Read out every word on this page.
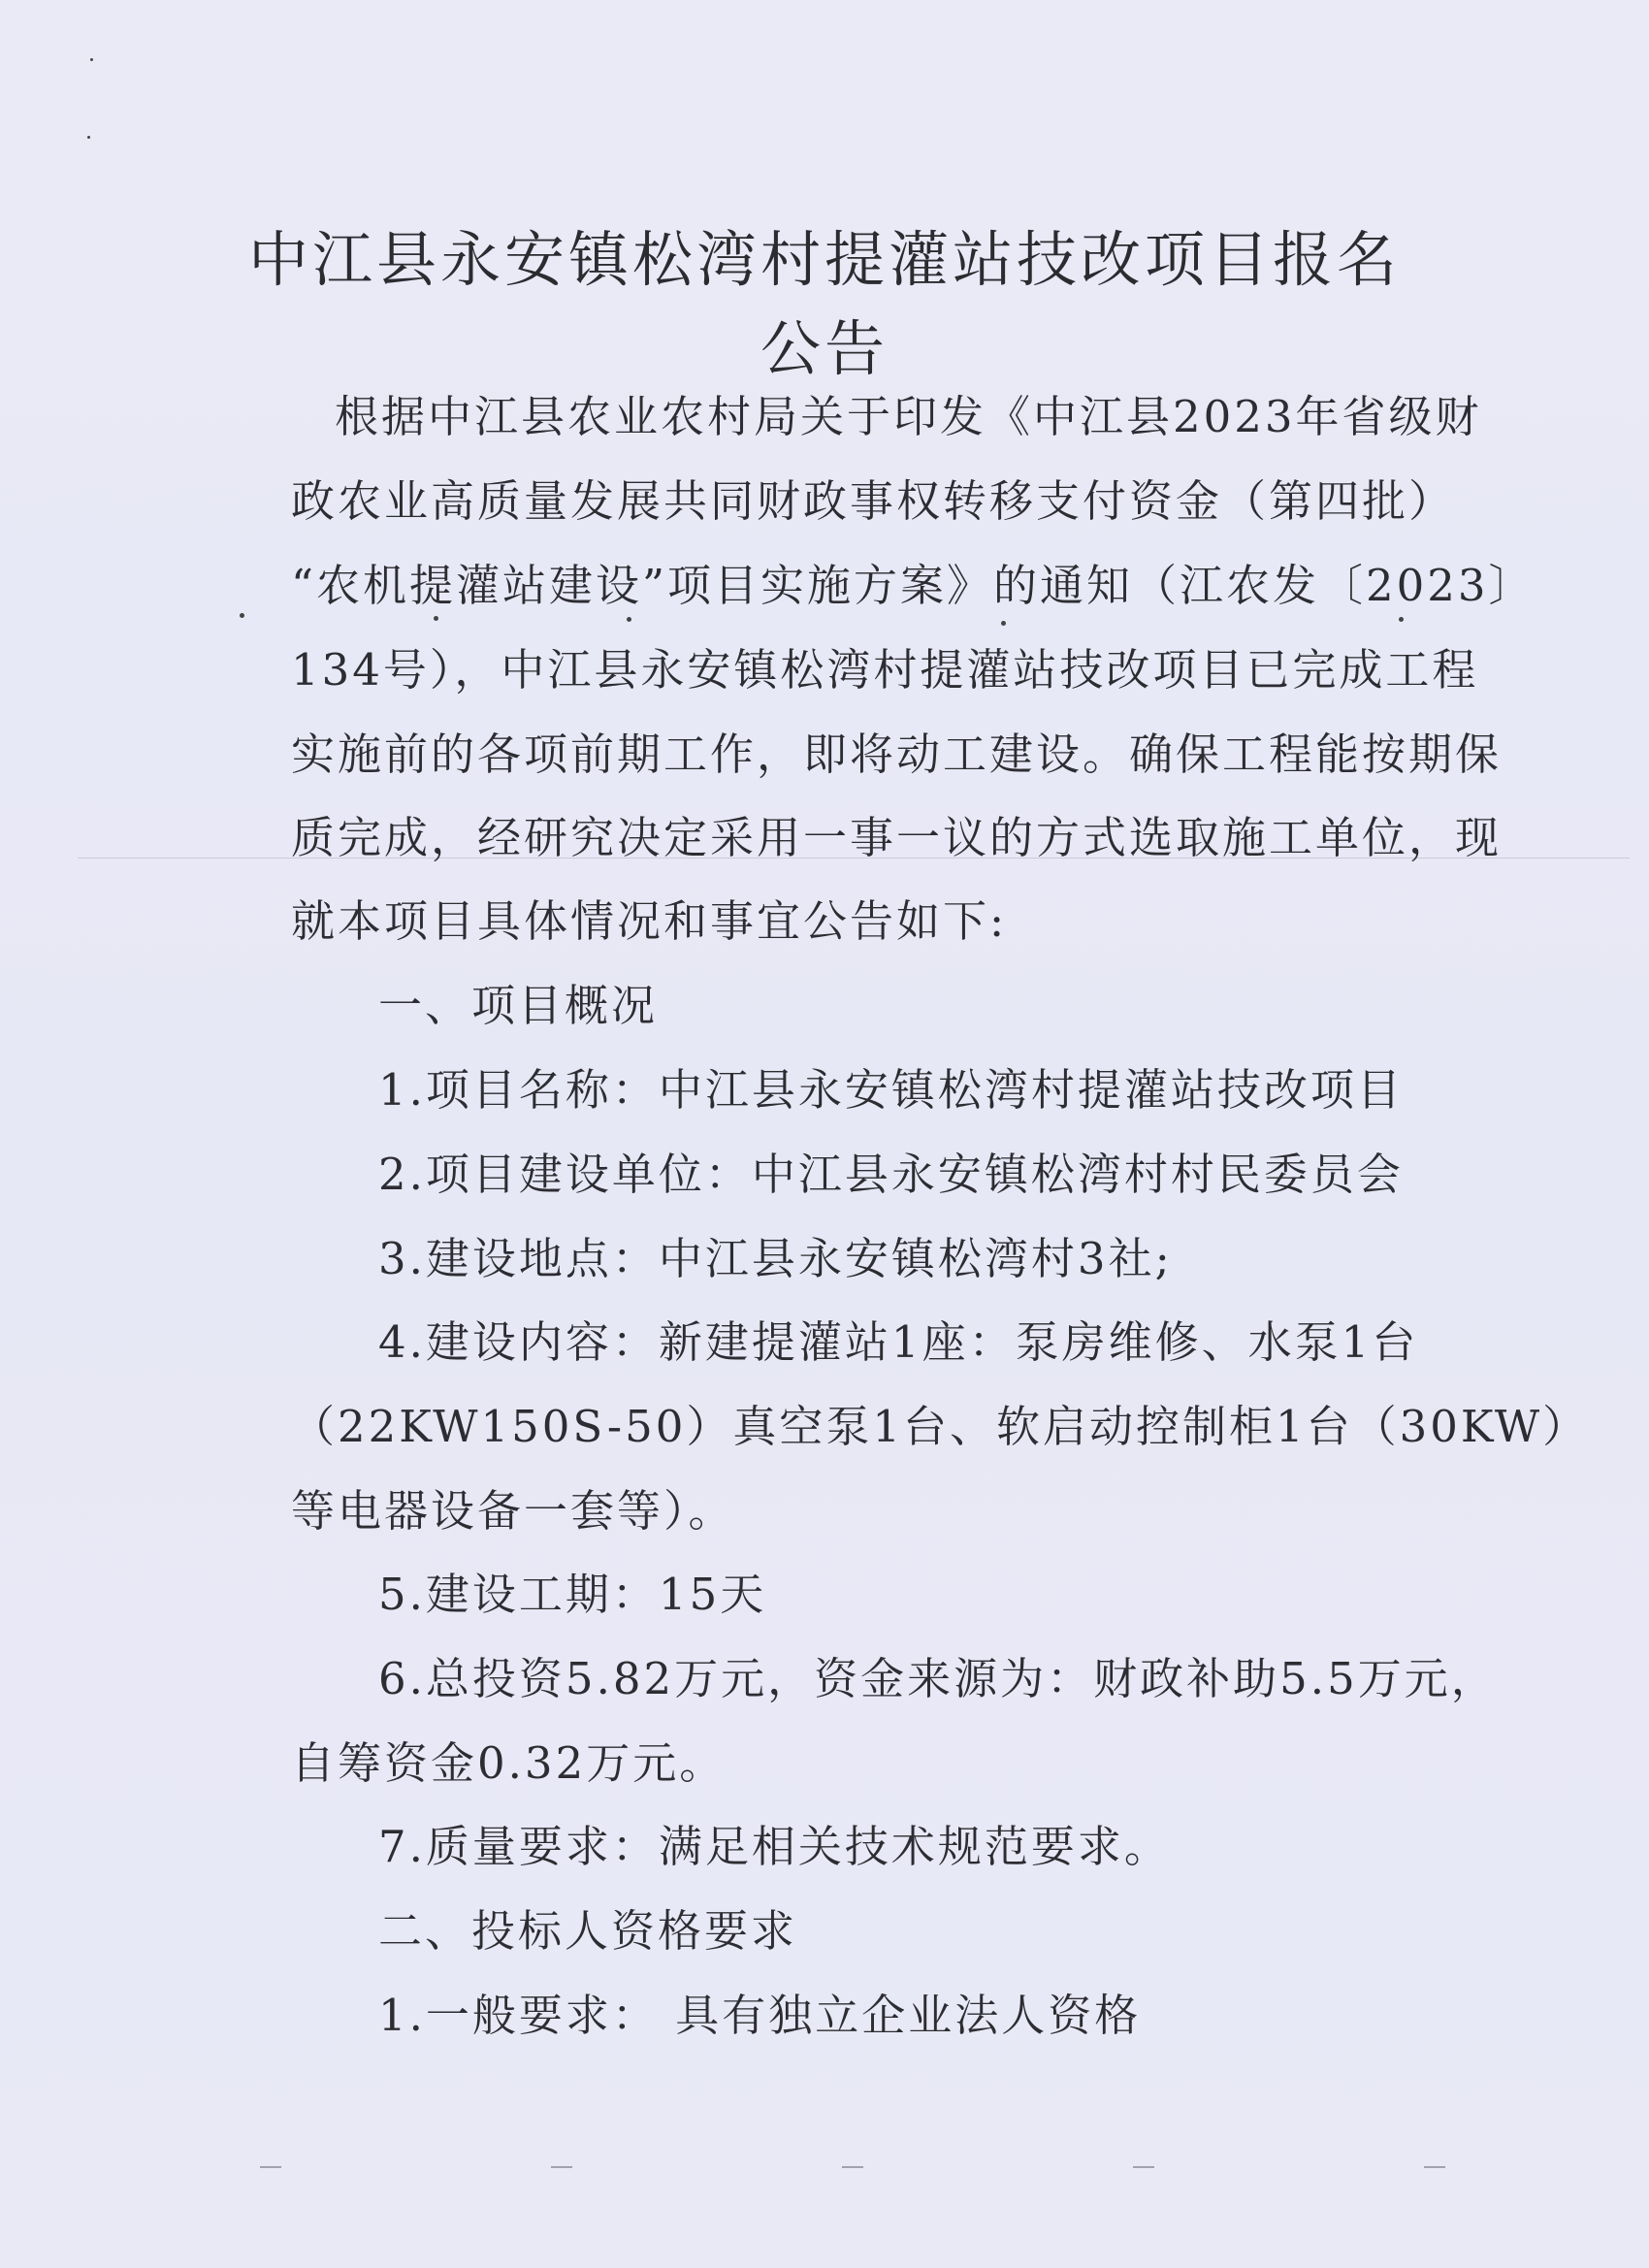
中江县永安镇松湾村提灌站技改项目报名
公告
根据中江县农业农村局关于印发《中江县2023年省级财
政农业高质量发展共同财政事权转移支付资金（第四批）
“农机提灌站建设”项目实施方案》的通知（江农发〔2023〕
134号），中江县永安镇松湾村提灌站技改项目已完成工程
实施前的各项前期工作，即将动工建设。确保工程能按期保
质完成，经研究决定采用一事一议的方式选取施工单位，现
就本项目具体情况和事宜公告如下:
一、项目概况
1.项目名称：中江县永安镇松湾村提灌站技改项目
2.项目建设单位：中江县永安镇松湾村村民委员会
3.建设地点：中江县永安镇松湾村3社;
4.建设内容：新建提灌站1座：泵房维修、水泵1台
（22KW150S-50）真空泵1台、软启动控制柜1台（30KW）
等电器设备一套等）。
5.建设工期：15天
6.总投资5.82万元，资金来源为：财政补助5.5万元，
自筹资金0.32万元。
7.质量要求：满足相关技术规范要求。
二、投标人资格要求
1.一般要求： 具有独立企业法人资格
